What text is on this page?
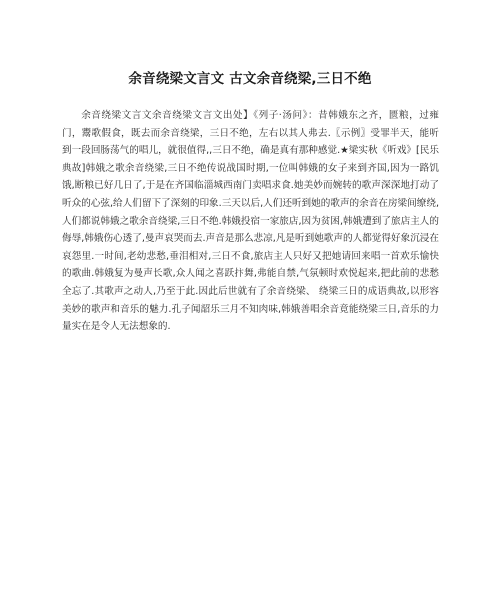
余音绕梁文言文 古文余音绕梁,三日不绝
余音绕梁文言文余音绕梁文言文出处】《列子·汤问》：昔韩娥东之齐，匮粮，过雍门，鬻歌假食，既去而余音绕梁，三日不绝，左右以其人弗去.〖示例〗受罪半天，能听到一段回肠荡气的唱儿，就很值得,,三日不绝，确是真有那种感觉.★梁实秋《听戏》[民乐典故]韩娥之歌余音绕梁,三日不绝传说战国时期,一位叫韩娥的女子来到齐国,因为一路饥饿,断粮已好几日了,于是在齐国临淄城西南门卖唱求食.她美妙而婉转的歌声深深地打动了听众的心弦,给人们留下了深刻的印象.三天以后,人们还听到她的歌声的余音在房梁间缭绕,人们都说韩娥之歌余音绕梁,三日不绝.韩娥投宿一家旅店,因为贫困,韩娥遭到了旅店主人的侮辱,韩娥伤心透了,曼声哀哭而去.声音是那么悲凉,凡是听到她歌声的人都觉得好象沉浸在哀怨里.一时间,老幼悲愁,垂泪相对,三日不食,旅店主人只好又把她请回来唱一首欢乐愉快的歌曲.韩娥复为曼声长歌,众人闻之喜跃抃舞,弗能自禁,气氛顿时欢悦起来,把此前的悲愁全忘了.其歌声之动人,乃至于此.因此后世就有了余音绕梁、 绕梁三日的成语典故,以形容美妙的歌声和音乐的魅力.孔子闻韶乐三月不知肉味,韩娥善唱余音竟能绕梁三日,音乐的力量实在是令人无法想象的.
